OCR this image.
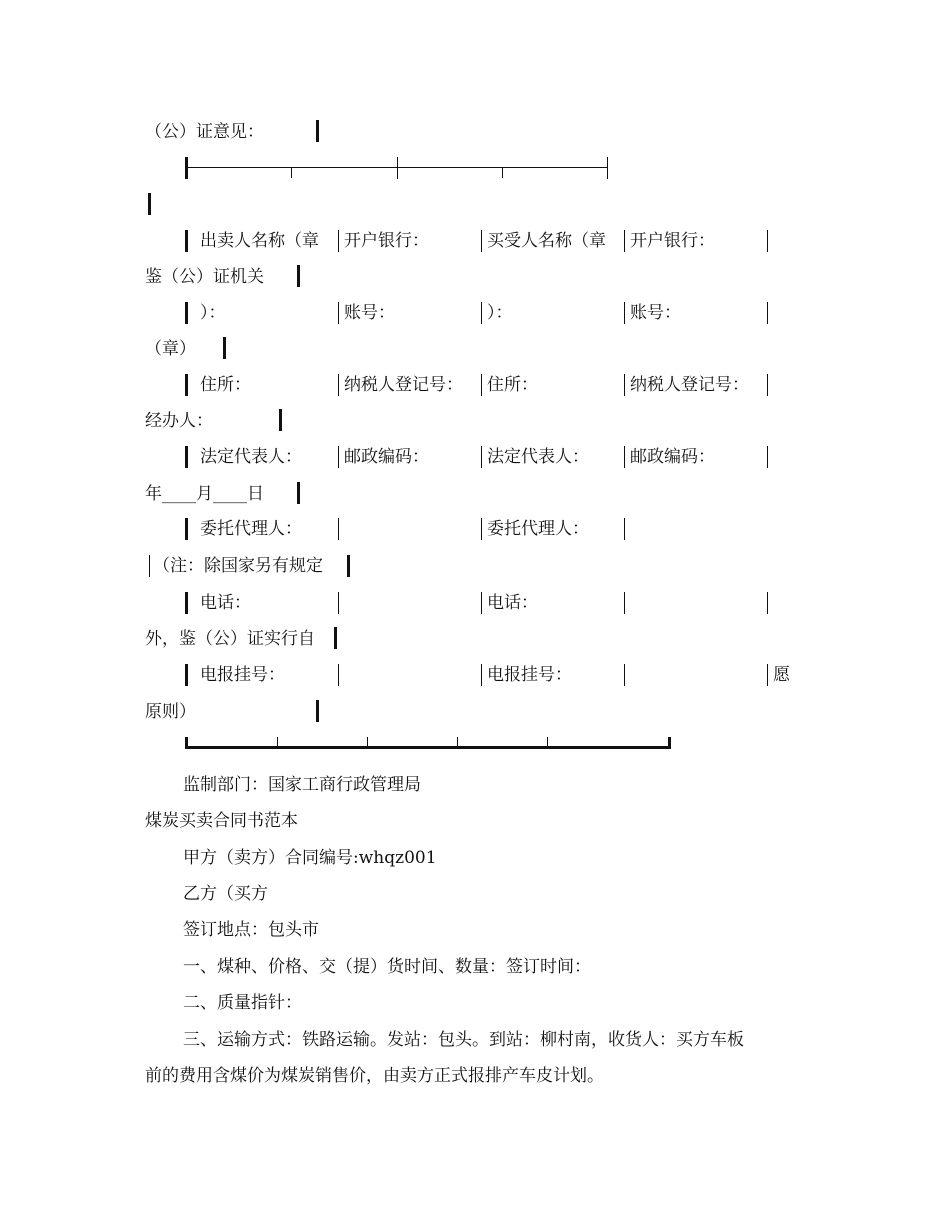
（公）证意见：
出卖人名称（章 开户银行：	买受人名称（章 开户银行：
鉴（公）证机关
）：	账号：	）：	账号：
（章）
住所：	纳税人登记号： 住所：	纳税人登记号：
经办人：
法定代表人： 邮政编码：	法定代表人： 邮政编码：
年____月____日
委托代理人：	委托代理人：
（注：除国家另有规定
电话：	电话：
外，鉴（公）证实行自
电报挂号：	电报挂号：	愿
原则）
监制部门：国家工商行政管理局
煤炭买卖合同书范本
甲方（卖方）合同编号:whqz001
乙方（买方
签订地点：包头市
一、煤种、价格、交（提）货时间、数量：签订时间：
二、质量指针：
三、运输方式：铁路运输。发站：包头。到站：柳村南，收货人：买方车板
前的费用含煤价为煤炭销售价，由卖方正式报排产车皮计划。
